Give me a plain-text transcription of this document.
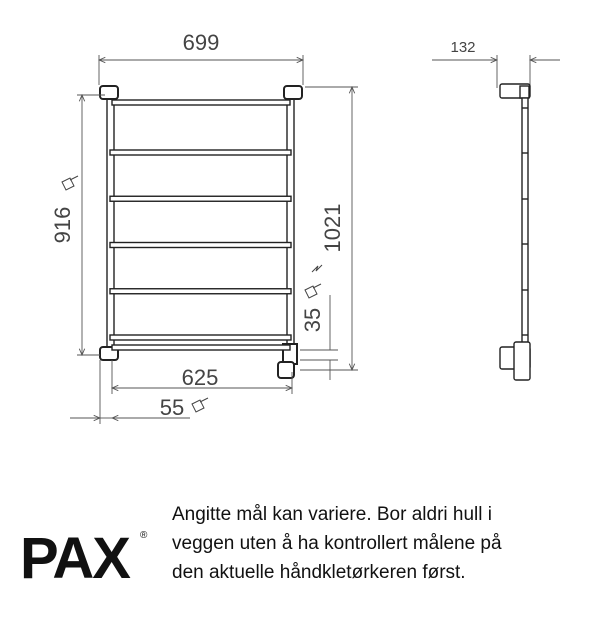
699
916	1021
132
625
55
35
PAX ®
Angitte mål kan variere. Bor aldri hull i
veggen uten å ha kontrollert målene på
den aktuelle håndkletørkeren først.
